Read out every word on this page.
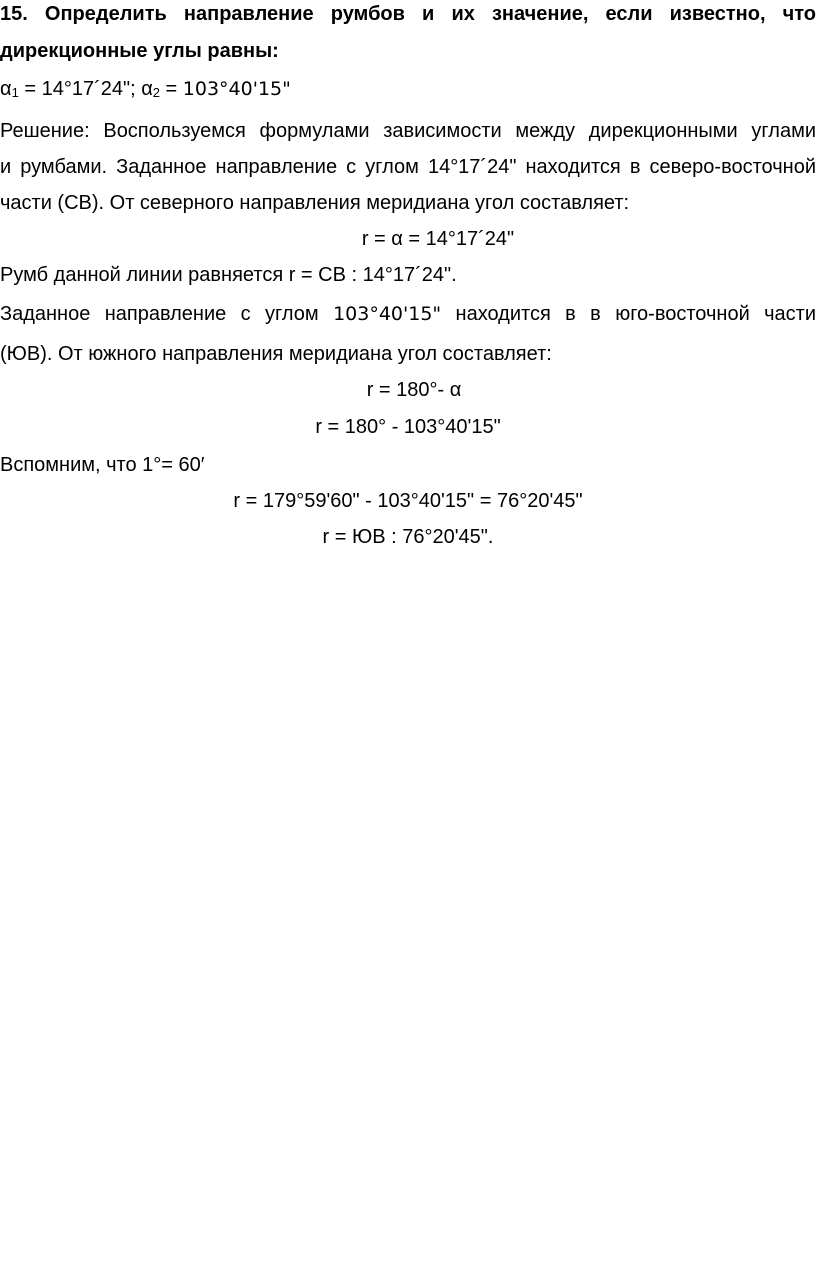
15. Определить направление румбов и их значение, если известно, что
дирекционные углы равны:
$\alpha_1$ = 14°17´24"; $\alpha_2 = 103^\circ 40'15$"
Решение: Воспользуемся формулами зависимости между дирекционными углами
и румбами. Заданное направление с углом 14°17´24" находится в северо-восточной
части (СВ). От северного направления меридиана угол составляет:
r = α = 14°17´24"
Румб данной линии равняется r = СВ : 14°17´24".
Заданное направление с углом 103°40'15" находится в в юго-восточной части
(ЮВ). От южного направления меридиана угол составляет:
r = 180°- α
r = 180° - 103°40'15"
Вспомним, что 1°= 60′
r = 179°59'60" - 103°40'15" = 76°20'45"
r = ЮВ : 76°20'45".
